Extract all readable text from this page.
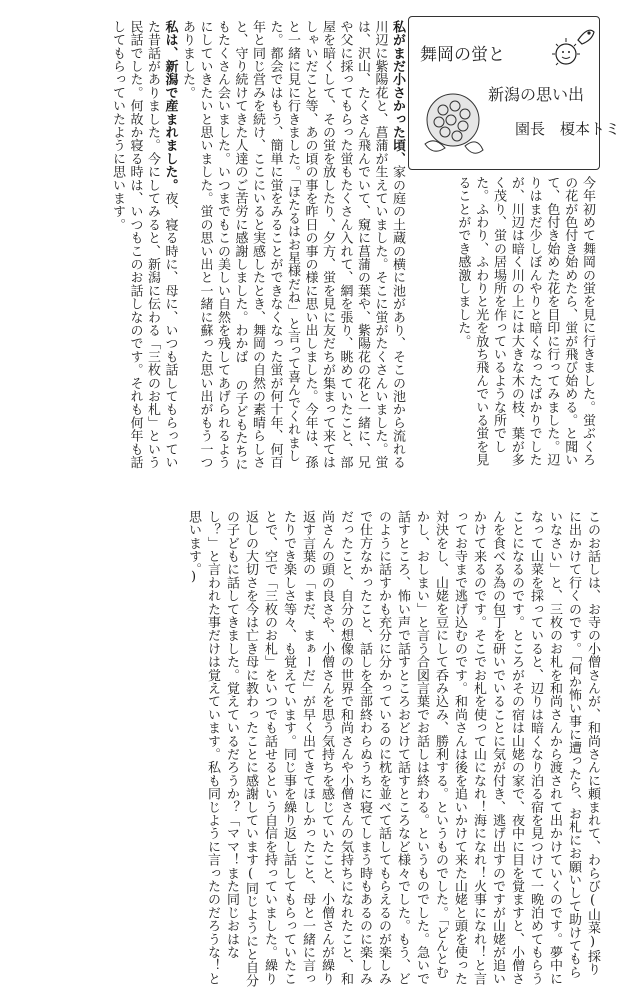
舞岡の蛍と
新潟の思い出
園長　榎本トミ
今年初めて舞岡の蛍を見に行きました。蛍ぶくろの花が色付き始めたら、蛍が飛び始める。と聞いて、色付き始めた花を目印に行ってみました。辺りはまだ少しぼんやりと暗くなったばかりでしたが、川辺は暗く川の上には大きな木の枝、葉が多く茂り、蛍の居場所を作っているような所でした。ふわり、ふわりと光を放ち飛んでいる蛍を見ることができ感激しました。
私がまだ小さかった頃、家の庭の土蔵の横に池があり、そこの池から流れる川辺に紫陽花と、菖蒲が生えていました。そこに蛍がたくさんいました。蛍は、沢山、たくさん飛んでいて、窺に菖蒲の葉や、紫陽花の花と一緒に、兄や父に採ってもらった蛍もたくさん入れて、網を張り、眺めていたこと、部屋を暗くして、その蛍を放したり、夕方、蛍を見に友だちが集まって来てはしゃいだこと等、あの頃の事を昨日の事の様に思い出しました。今年は、孫と一緒に見に行きました。「ほたるはお星様だね」と言って喜んでくれました。都会ではもう、簡単に蛍をみることができなくなった蛍が何十年、何百年と同じ営みを続け、ここにいると実感したとき、舞岡の自然の素晴らしさと、守り続けてきた人達のご苦労に感謝しました。わかば の子どもたちにもたくさん会いました。いつまでもこの美しい自然を残してあげられるようにしていきたいと思いました。蛍の思い出と一緒に蘇った思い出がもう一つありました。
私は、新潟で産まれました。夜、寝る時に、母に、いつも話してもらっていた昔話がありました。今にしてみると、新潟に伝わる「三枚のお札」という民話でした。何故か寝る時は、いつもこのお話しなのです。それも何年も話してもらっていたように思います。
このお話しは、お寺の小僧さんが、和尚さんに頼まれて、わらび(山菜)採りに出かけて行くのです。「何か怖い事に遭ったら、お札にお願いして助けてもらいなさい」と、三枚のお札を和尚さんから渡されて出かけていくのです。夢中になって山菜を採っていると、辺りは暗くなり泊る宿を見つけて一晩泊めてもらうことになるのです。ところがその宿は山姥の家で、夜中に目を覚ますと、小僧さんを食べる為の包丁を研いでいることに気が付き、逃げ出すのですが山姥が追いかけて来るのです。そこでお札を使って山になれ！海になれ！火事になれ！と言ってお寺まで逃げ込むのです。和尚さんは後を追いかけて来た山姥と頭を使った対決をし、山姥を豆にして呑み込み、勝利する。というものでした。「どんとむかし、おしまい」と言う合図言葉でお話しは終わる。というものでした。急いで話すところ、怖い声で話すところおどけて話すところなど様々でした。もう、どのように話すかも充分に分かっているのに枕を並べて話してもらえるのが楽しみで仕方なかったこと、話しを全部終わらぬうちに寝てしまう時もあるのに楽しみだったこと、自分の想像の世界で和尚さんや小僧さんの気持ちになれたこと、和尚さんの頭の良さや、小僧さんを思う気持ちを感じていたこと、小僧さんが繰り返す言葉の「まだ、まぁーだ」が早く出てきてほしかったこと、母と一緒に言ったりでき楽しさ等々、も覚えています。同じ事を繰り返し話してもらっていたことで、空で「三枚のお札」をいつでも話せるという自信を持っていました。繰り返しの大切さを今は亡き母に教わったことに感謝しています(同じようにと自分の子どもに話してきました。覚えているだろうか？「ママ！また同じおはなし？」と言われた事だけは覚えています。私も同じように言ったのだろうな！と思います。)
